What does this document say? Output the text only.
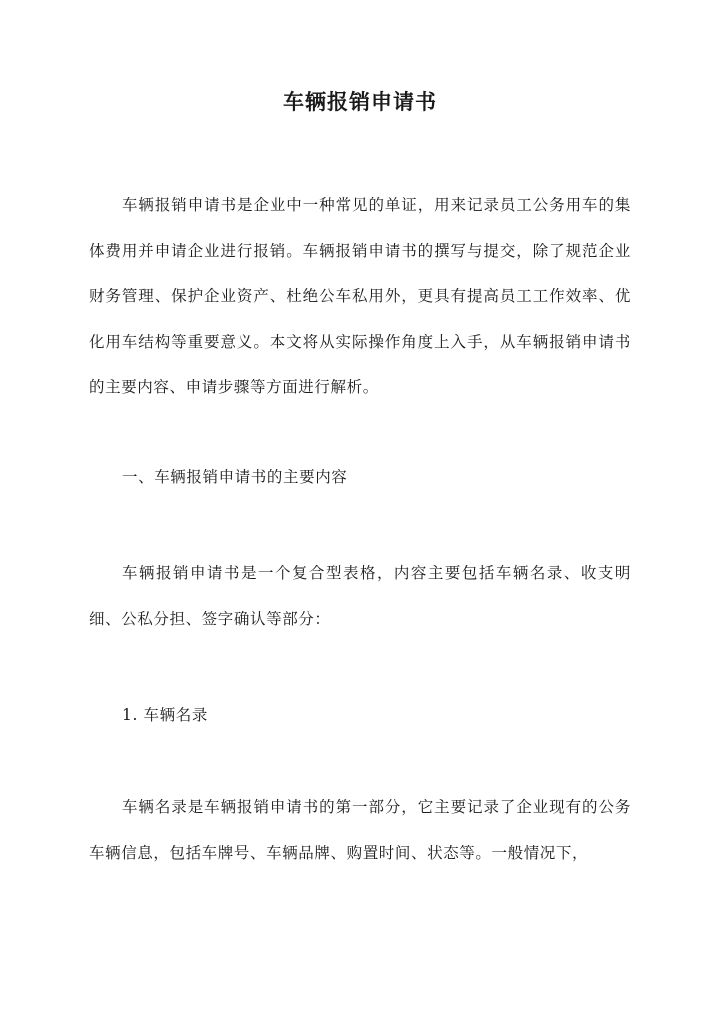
车辆报销申请书
车辆报销申请书是企业中一种常见的单证，用来记录员工公务用车的集体费用并申请企业进行报销。车辆报销申请书的撰写与提交，除了规范企业财务管理、保护企业资产、杜绝公车私用外，更具有提高员工工作效率、优化用车结构等重要意义。本文将从实际操作角度上入手，从车辆报销申请书的主要内容、申请步骤等方面进行解析。
一、车辆报销申请书的主要内容
车辆报销申请书是一个复合型表格，内容主要包括车辆名录、收支明细、公私分担、签字确认等部分：
1. 车辆名录
车辆名录是车辆报销申请书的第一部分，它主要记录了企业现有的公务车辆信息，包括车牌号、车辆品牌、购置时间、状态等。一般情况下，
